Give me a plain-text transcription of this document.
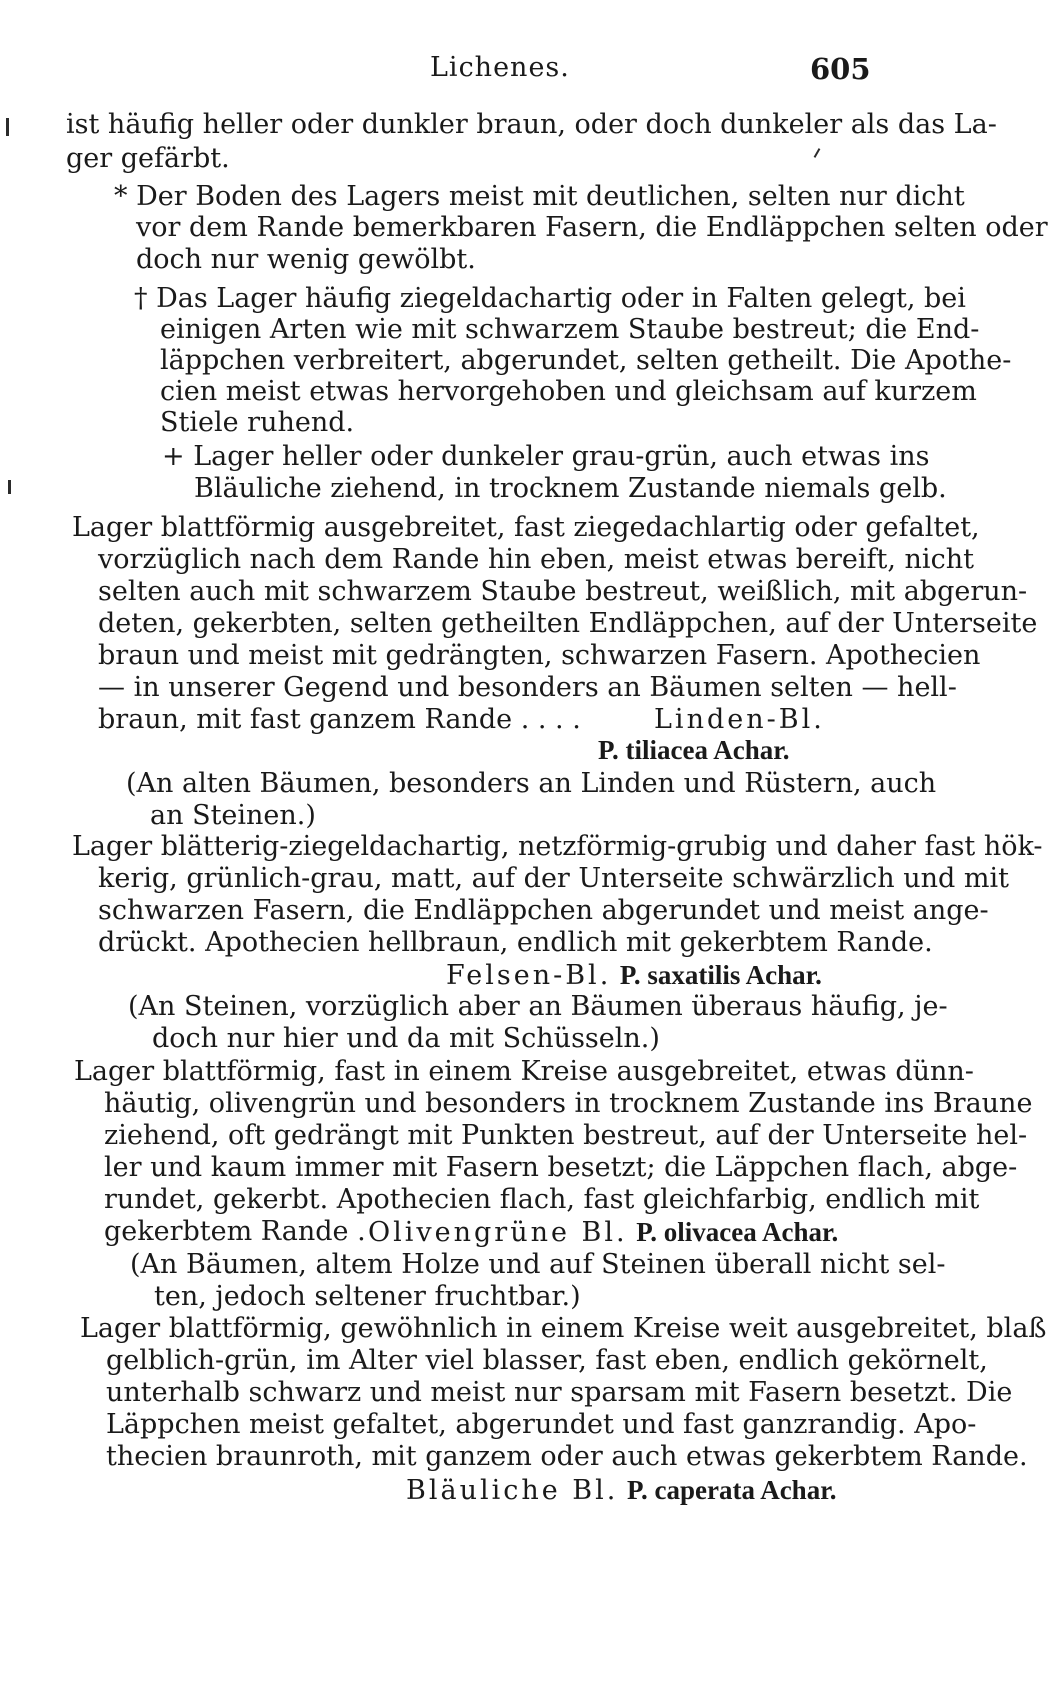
Lichenes.	605
ist häufig heller oder dunkler braun, oder doch dunkeler als das La-
ger gefärbt.
* Der Boden des Lagers meist mit deutlichen, selten nur dicht
vor dem Rande bemerkbaren Fasern, die Endläppchen selten oder
doch nur wenig gewölbt.
† Das Lager häufig ziegeldachartig oder in Falten gelegt, bei
einigen Arten wie mit schwarzem Staube bestreut; die End-
läppchen verbreitert, abgerundet, selten getheilt. Die Apothe-
cien meist etwas hervorgehoben und gleichsam auf kurzem
Stiele ruhend.
+ Lager heller oder dunkeler grau-grün, auch etwas ins
Bläuliche ziehend, in trocknem Zustande niemals gelb.
Lager blattförmig ausgebreitet, fast ziegedachlartig oder gefaltet,
vorzüglich nach dem Rande hin eben, meist etwas bereift, nicht
selten auch mit schwarzem Staube bestreut, weißlich, mit abgerun-
deten, gekerbten, selten getheilten Endläppchen, auf der Unterseite
braun und meist mit gedrängten, schwarzen Fasern. Apothecien
— in unserer Gegend und besonders an Bäumen selten — hell-
braun, mit fast ganzem Rande . . . .	Linden-Bl.
P. tiliacea Achar.
(An alten Bäumen, besonders an Linden und Rüstern, auch
an Steinen.)
Lager blätterig-ziegeldachartig, netzförmig-grubig und daher fast hök-
kerig, grünlich-grau, matt, auf der Unterseite schwärzlich und mit
schwarzen Fasern, die Endläppchen abgerundet und meist ange-
drückt. Apothecien hellbraun, endlich mit gekerbtem Rande.
Felsen-Bl. P. saxatilis Achar.
(An Steinen, vorzüglich aber an Bäumen überaus häufig, je-
doch nur hier und da mit Schüsseln.)
Lager blattförmig, fast in einem Kreise ausgebreitet, etwas dünn-
häutig, olivengrün und besonders in trocknem Zustande ins Braune
ziehend, oft gedrängt mit Punkten bestreut, auf der Unterseite hel-
ler und kaum immer mit Fasern besetzt; die Läppchen flach, abge-
rundet, gekerbt. Apothecien flach, fast gleichfarbig, endlich mit
gekerbtem Rande . Olivengrüne Bl. P. olivacea Achar.
(An Bäumen, altem Holze und auf Steinen überall nicht sel-
ten, jedoch seltener fruchtbar.)
Lager blattförmig, gewöhnlich in einem Kreise weit ausgebreitet, blaß
gelblich-grün, im Alter viel blasser, fast eben, endlich gekörnelt,
unterhalb schwarz und meist nur sparsam mit Fasern besetzt. Die
Läppchen meist gefaltet, abgerundet und fast ganzrandig. Apo-
thecien braunroth, mit ganzem oder auch etwas gekerbtem Rande.
Bläuliche Bl. P. caperata Achar.
